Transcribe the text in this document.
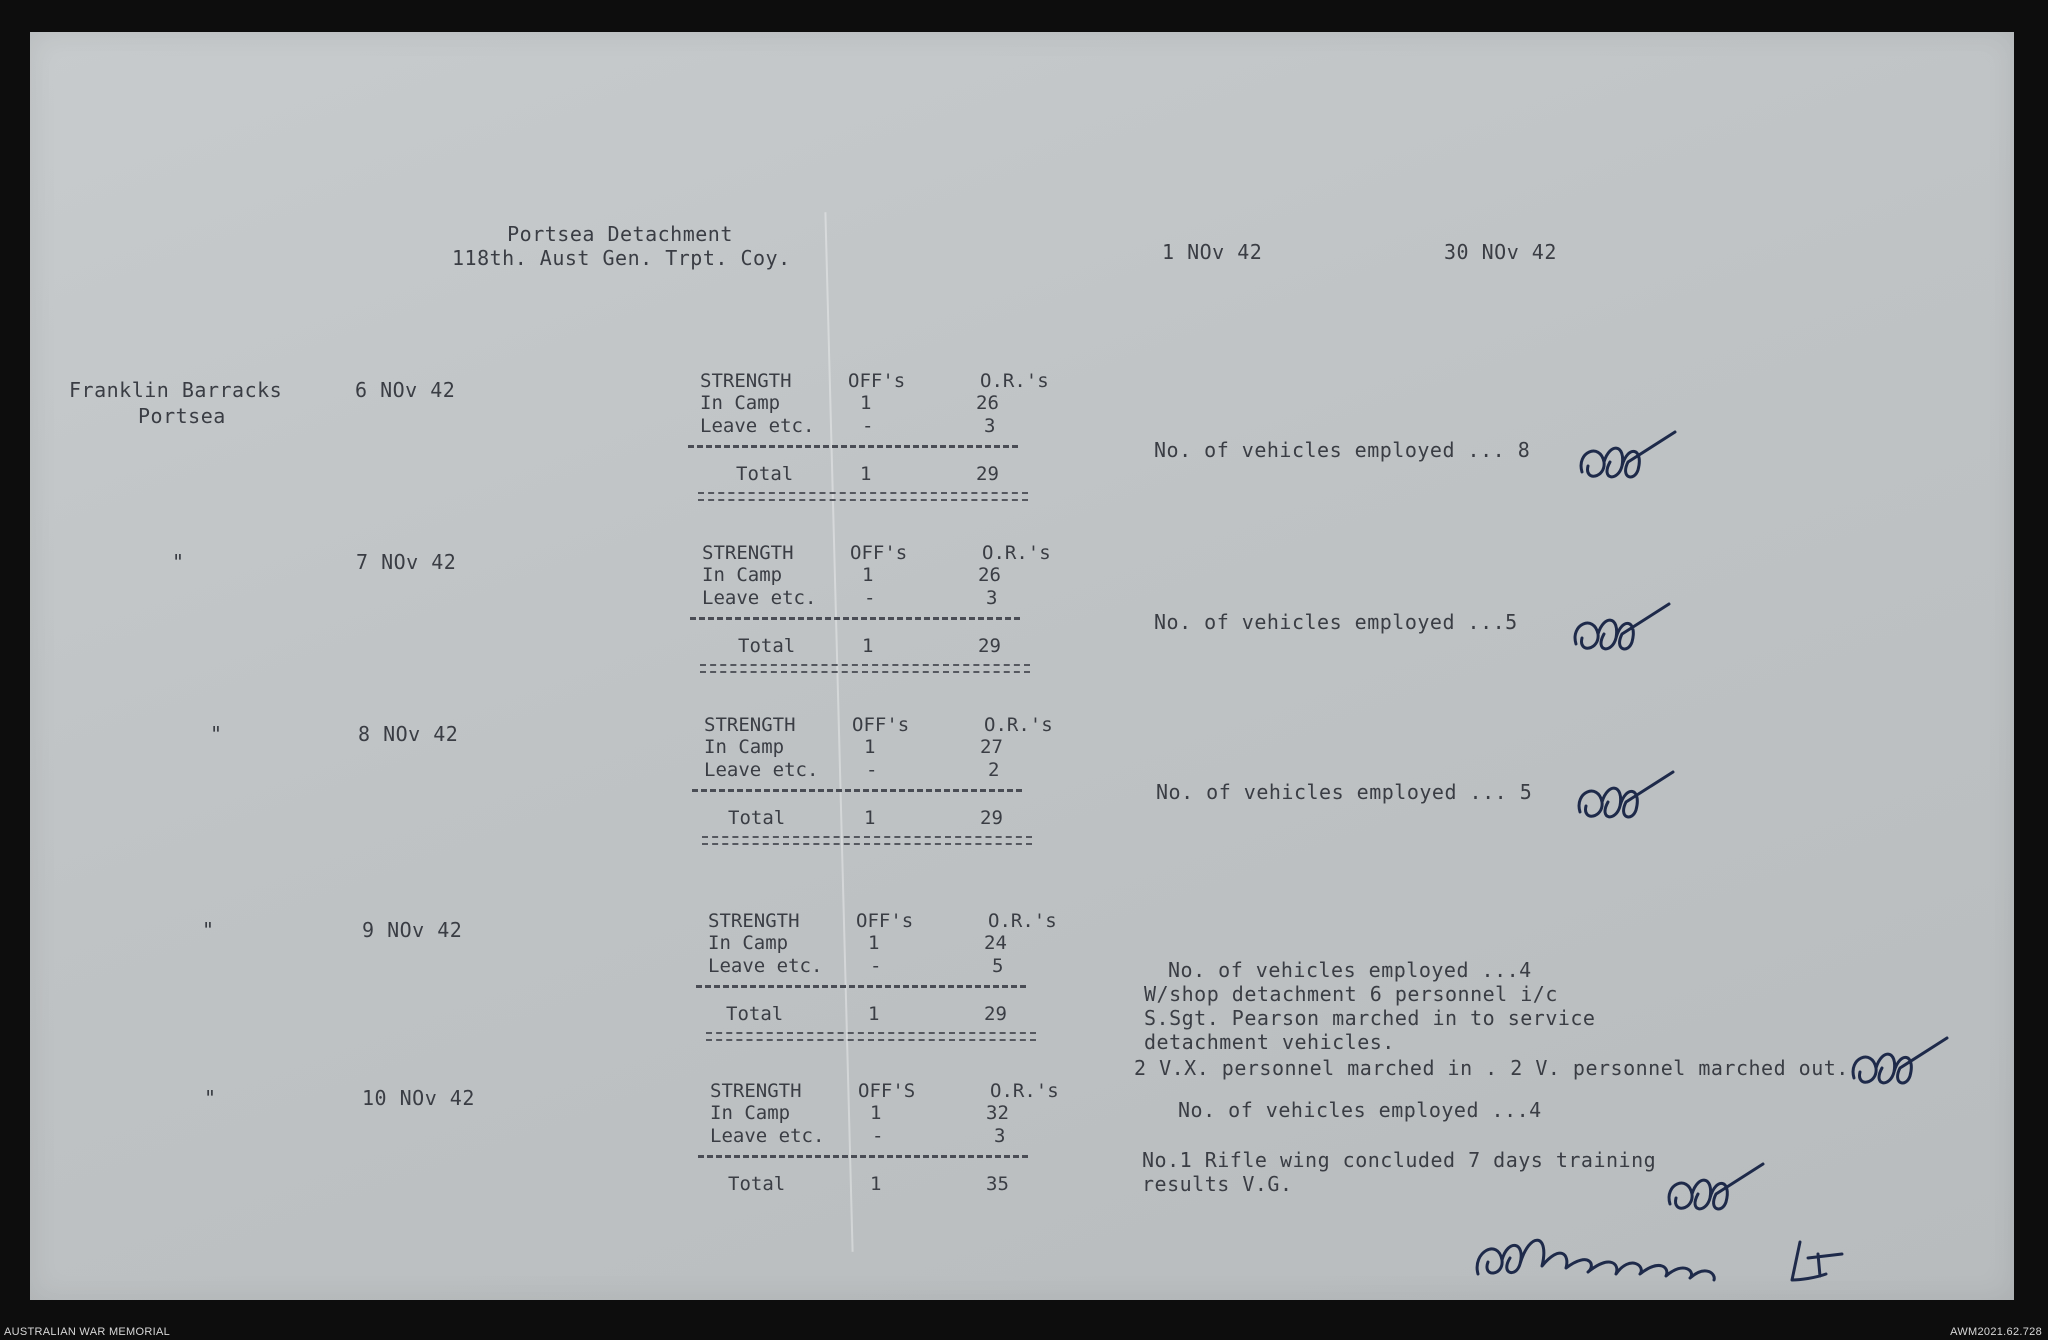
Portsea Detachment
118th. Aust Gen. Trpt. Coy.	1 NOv 42	30 NOv 42
Franklin Barracks
Portsea
6 NOv 42	STRENGTH	OFF's	O.R.'s
In Camp	1	26
Leave etc.	-	3
Total	1	29
No. of vehicles employed ... 8
"	7 NOv 42	STRENGTH	OFF's	O.R.'s
In Camp	1	26
Leave etc.	-	3
Total	1	29
No. of vehicles employed ...5
"	8 NOv 42	STRENGTH	OFF's	O.R.'s
In Camp	1	27
Leave etc.	-	2
Total	1	29
No. of vehicles employed ... 5
"	9 NOv 42	STRENGTH	OFF's	O.R.'s
In Camp	1	24
Leave etc.	-	5
Total	1	29
No. of vehicles employed ...4
W/shop detachment 6 personnel i/c
S.Sgt. Pearson marched in to service
detachment vehicles.
2 V.X. personnel marched in . 2 V. personnel marched out.
"	10 NOv 42	STRENGTH	OFF'S	O.R.'s
In Camp	1	32
Leave etc.	-	3
Total	1	35
No. of vehicles employed ...4
No.1 Rifle wing concluded 7 days training
results V.G.
AUSTRALIAN WAR MEMORIAL	AWM2021.62.728
